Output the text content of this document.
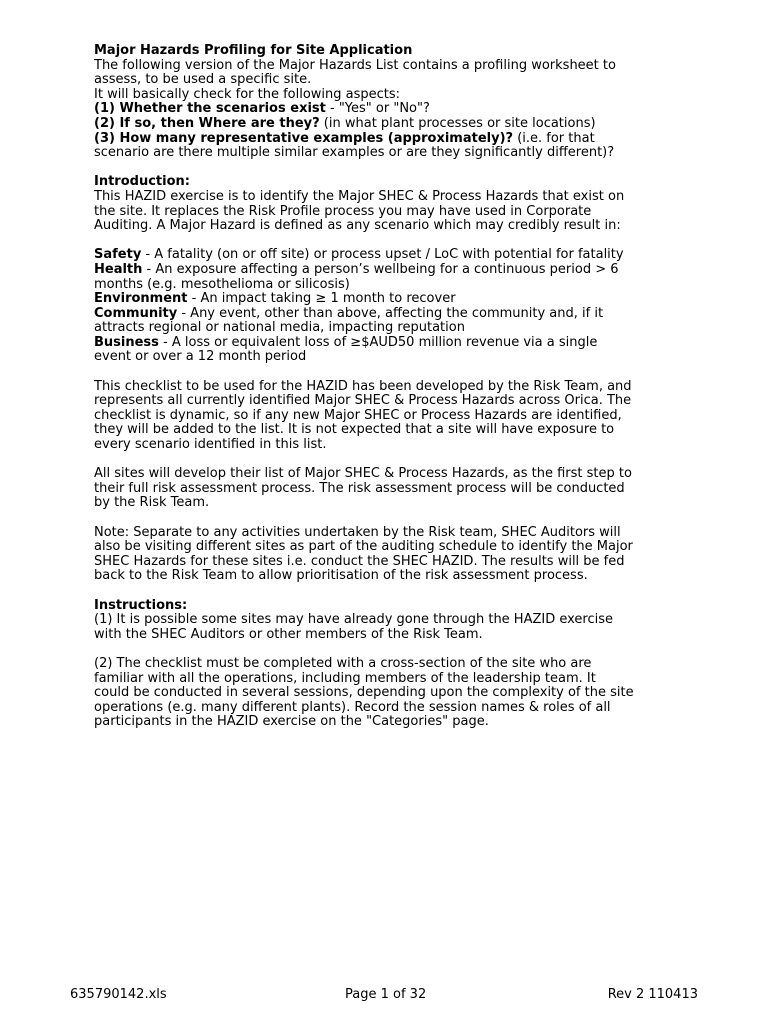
Major Hazards Profiling for Site Application

The following version of the Major Hazards List contains a profiling worksheet to assess, to be used a specific site.

It will basically check for the following aspects:

(1) Whether the scenarios exist - "Yes" or "No"?

(2) If so, then Where are they? (in what plant processes or site locations)

(3) How many representative examples (approximately)? (i.e. for that scenario are there multiple similar examples or are they significantly different)?

Introduction:

This HAZID exercise is to identify the Major SHEC & Process Hazards that exist on the site. It replaces the Risk Profile process you may have used in Corporate Auditing. A Major Hazard is defined as any scenario which may credibly result in:

Safety - A fatality (on or off site) or process upset / LoC with potential for fatality

Health - An exposure affecting a person’s wellbeing for a continuous period > 6 months (e.g. mesothelioma or silicosis)

Environment - An impact taking ≥ 1 month to recover

Community - Any event, other than above, affecting the community and, if it attracts regional or national media, impacting reputation

Business - A loss or equivalent loss of ≥$AUD50 million revenue via a single event or over a 12 month period

This checklist to be used for the HAZID has been developed by the Risk Team, and represents all currently identified Major SHEC & Process Hazards across Orica. The checklist is dynamic, so if any new Major SHEC or Process Hazards are identified, they will be added to the list. It is not expected that a site will have exposure to every scenario identified in this list.

All sites will develop their list of Major SHEC & Process Hazards, as the first step to their full risk assessment process. The risk assessment process will be conducted by the Risk Team.

Note: Separate to any activities undertaken by the Risk team, SHEC Auditors will also be visiting different sites as part of the auditing schedule to identify the Major SHEC Hazards for these sites i.e. conduct the SHEC HAZID. The results will be fed back to the Risk Team to allow prioritisation of the risk assessment process.

Instructions:

(1) It is possible some sites may have already gone through the HAZID exercise with the SHEC Auditors or other members of the Risk Team.

(2) The checklist must be completed with a cross-section of the site who are familiar with all the operations, including members of the leadership team. It could be conducted in several sessions, depending upon the complexity of the site operations (e.g. many different plants). Record the session names & roles of all participants in the HAZID exercise on the "Categories" page.

635790142.xls	Page 1 of 32	Rev 2 110413
